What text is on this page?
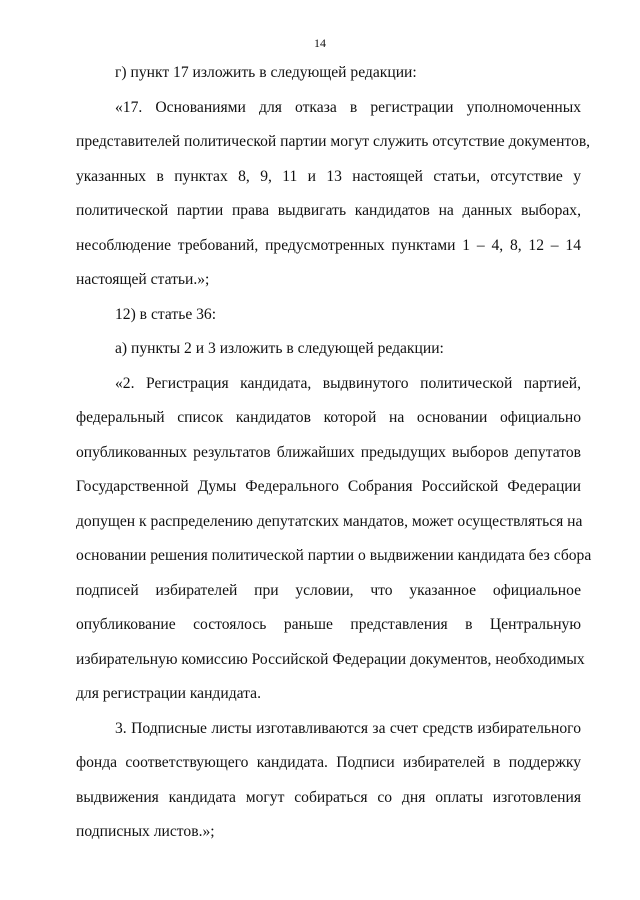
14
г) пункт 17 изложить в следующей редакции:
«17. Основаниями для отказа в регистрации уполномоченных
представителей политической партии могут служить отсутствие документов,
указанных в пунктах 8, 9, 11 и 13 настоящей статьи, отсутствие у
политической партии права выдвигать кандидатов на данных выборах,
несоблюдение требований, предусмотренных пунктами 1 – 4, 8, 12 – 14
настоящей статьи.»;
12) в статье 36:
а) пункты 2 и 3 изложить в следующей редакции:
«2. Регистрация кандидата, выдвинутого политической партией,
федеральный список кандидатов которой на основании официально
опубликованных результатов ближайших предыдущих выборов депутатов
Государственной Думы Федерального Собрания Российской Федерации
допущен к распределению депутатских мандатов, может осуществляться на
основании решения политической партии о выдвижении кандидата без сбора
подписей избирателей при условии, что указанное официальное
опубликование состоялось раньше представления в Центральную
избирательную комиссию Российской Федерации документов, необходимых
для регистрации кандидата.
3. Подписные листы изготавливаются за счет средств избирательного
фонда соответствующего кандидата. Подписи избирателей в поддержку
выдвижения кандидата могут собираться со дня оплаты изготовления
подписных листов.»;
